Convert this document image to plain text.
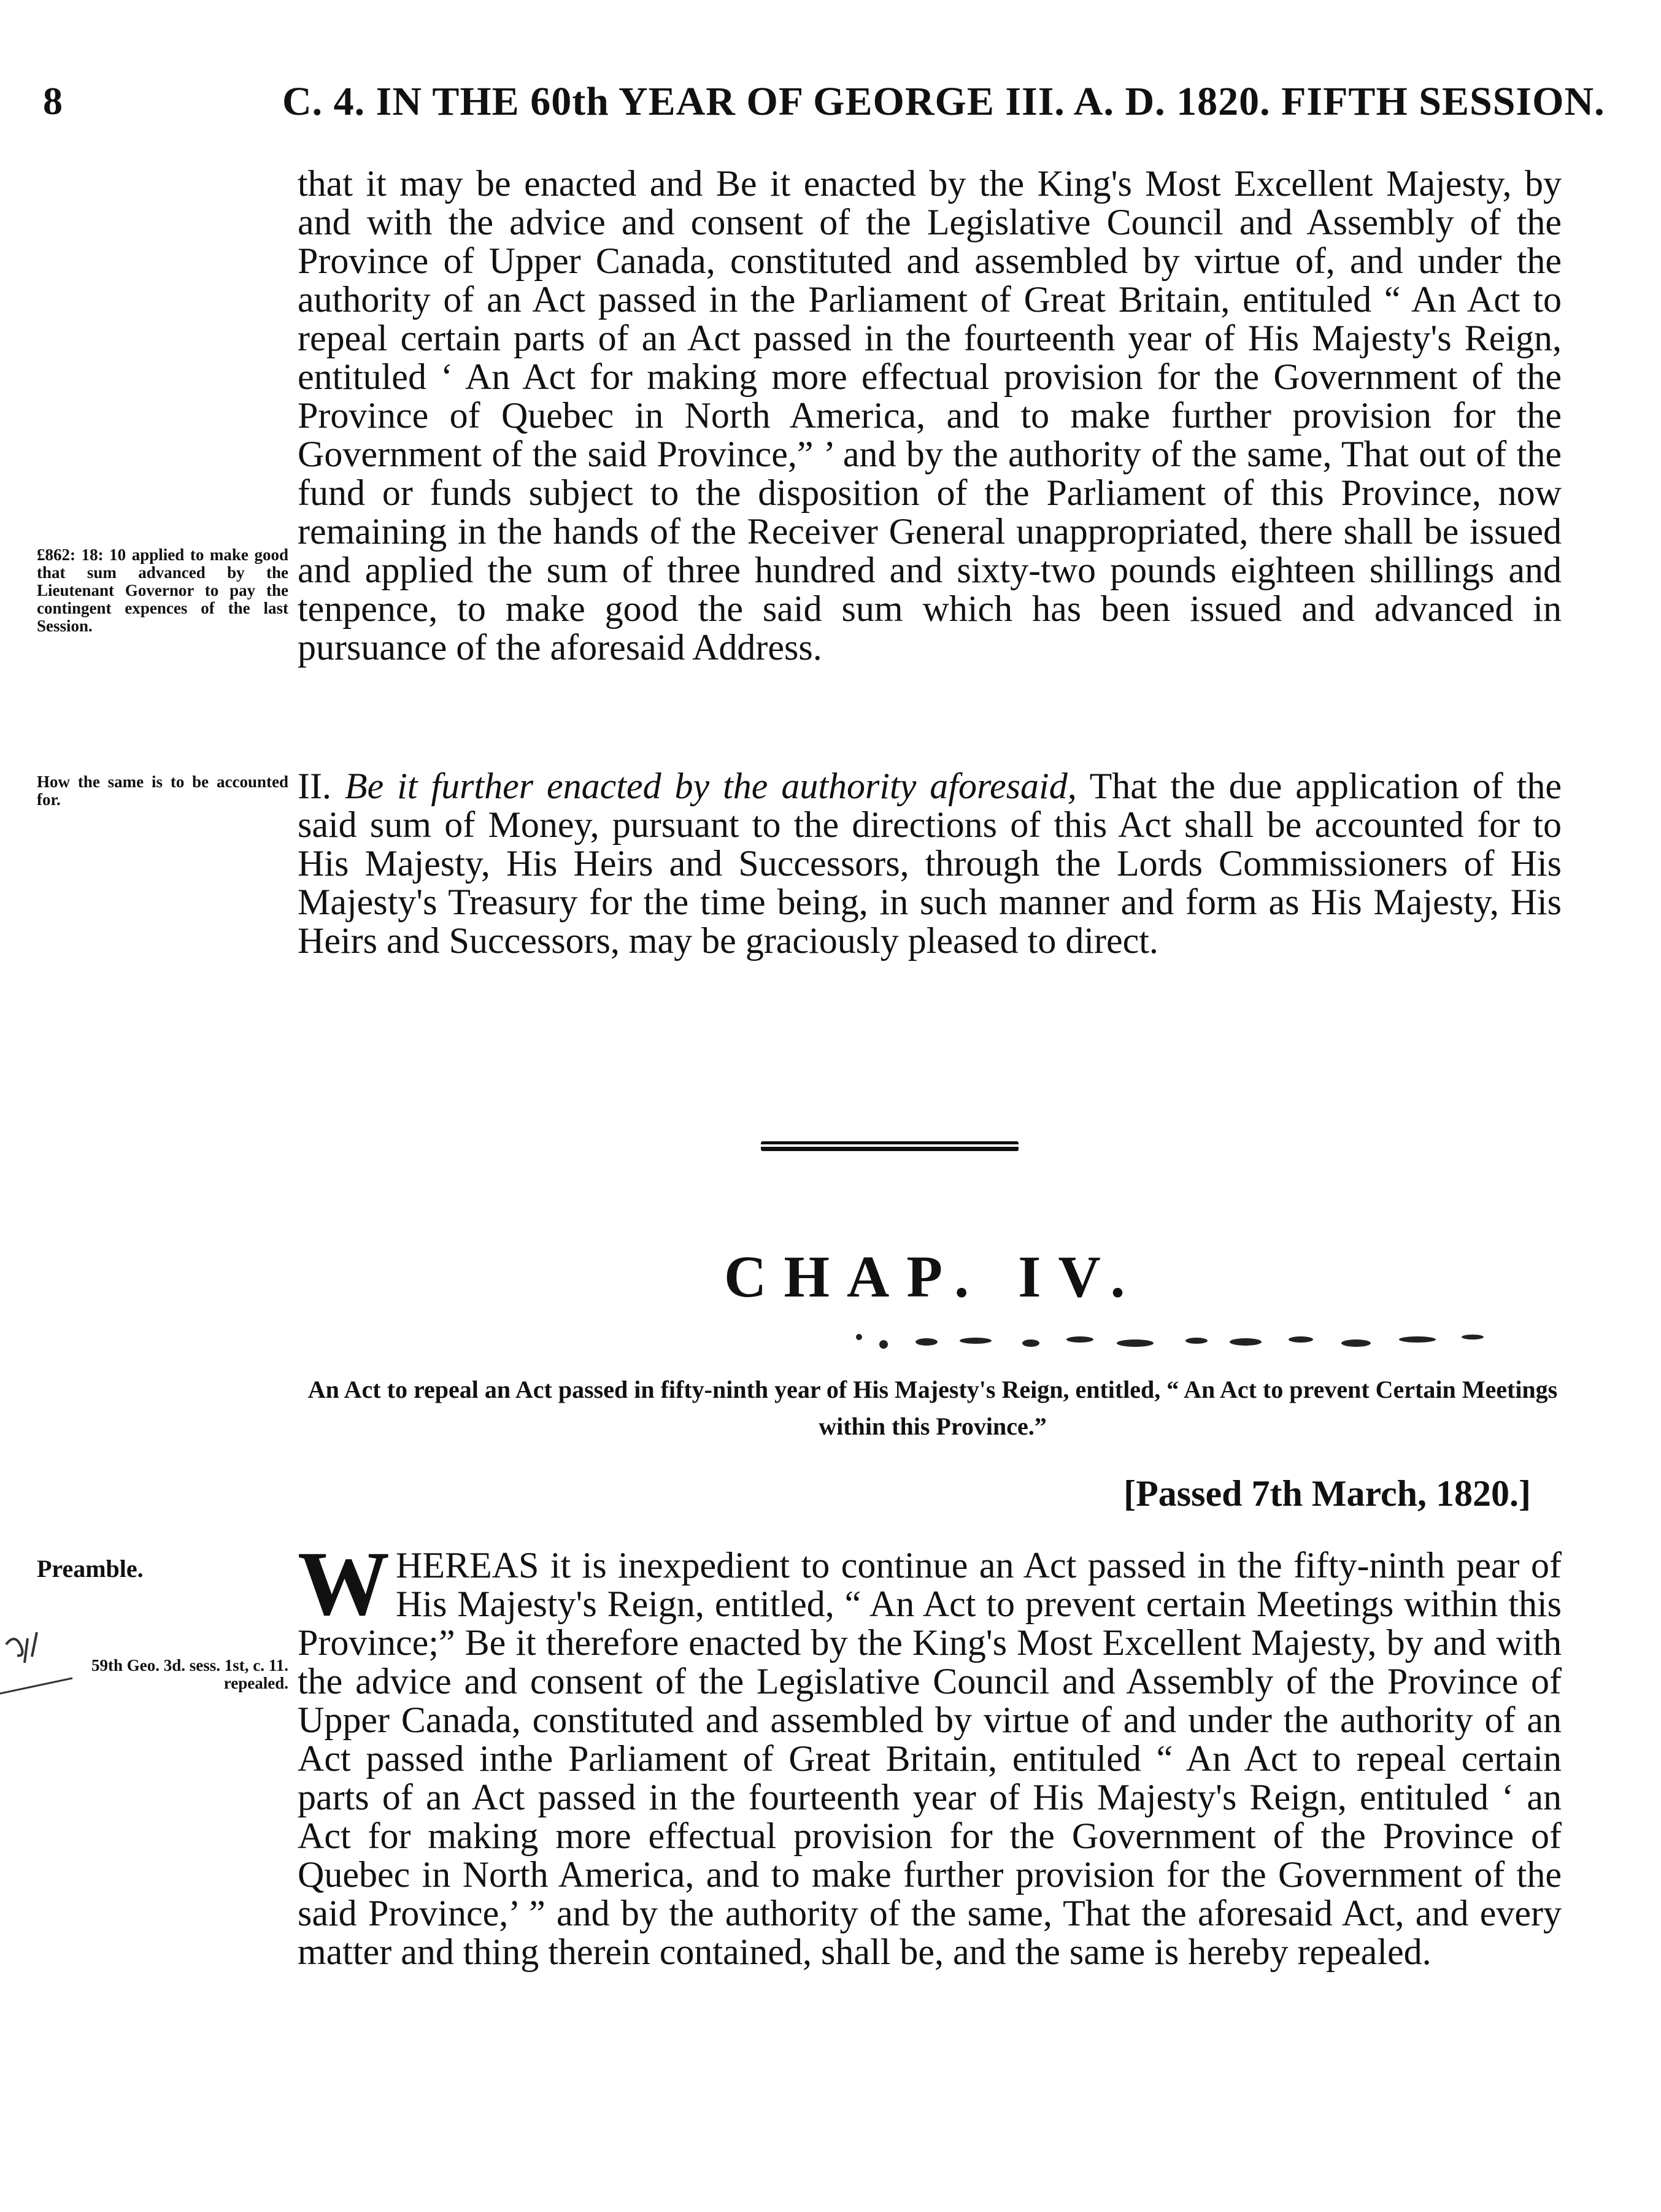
8	C. 4. IN THE 60th YEAR OF GEORGE III. A. D. 1820. FIFTH SESSION.
£862: 18: 10 applied to make good that sum advanced by the Lieutenant Governor to pay the contingent expences of the last Session.

that it may be enacted and Be it enacted by the King's Most Excellent Majesty, by and with the advice and consent of the Legislative Council and Assembly of the Province of Upper Canada, constituted and assembled by virtue of, and under the authority of an Act passed in the Parliament of Great Britain, entituled “ An Act to repeal certain parts of an Act passed in the fourteenth year of His Majesty's Reign, entituled ‘ An Act for making more effectual provision for the Government of the Province of Quebec in North America, and to make further provision for the Government of the said Province,” ’ and by the authority of the same, That out of the fund or funds subject to the disposition of the Parliament of this Province, now remaining in the hands of the Receiver General unappropriated, there shall be issued and applied the sum of three hundred and sixty-two pounds eighteen shillings and tenpence, to make good the said sum which has been issued and advanced in pursuance of the aforesaid Address.

How the same is to be accounted for.	II. Be it further enacted by the authority aforesaid, That the due application of the said sum of Money, pursuant to the directions of this Act shall be accounted for to His Majesty, His Heirs and Successors, through the Lords Commissioners of His Majesty's Treasury for the time being, in such manner and form as His Majesty, His Heirs and Successors, may be graciously pleased to direct.

CHAP. IV.
An Act to repeal an Act passed in fifty-ninth year of His Majesty's Reign, entitled, “ An Act to prevent Certain Meetings within this Province.”
[Passed 7th March, 1820.]
Preamble.
59th Geo. 3d. sess. 1st, c. 11. repealed.

W HEREAS it is inexpedient to continue an Act passed in the fifty-ninth pear of His Majesty's Reign, entitled, “ An Act to prevent certain Meetings within this Province;” Be it therefore enacted by the King's Most Excellent Majesty, by and with the advice and consent of the Legislative Council and Assembly of the Province of Upper Canada, constituted and assembled by virtue of and under the authority of an Act passed inthe Parliament of Great Britain, entituled “ An Act to repeal certain parts of an Act passed in the fourteenth year of His Majesty's Reign, entituled ‘ an Act for making more effectual provision for the Government of the Province of Quebec in North America, and to make further provision for the Government of the said Province,’ ” and by the authority of the same, That the aforesaid Act, and every matter and thing therein contained, shall be, and the same is hereby repealed.
